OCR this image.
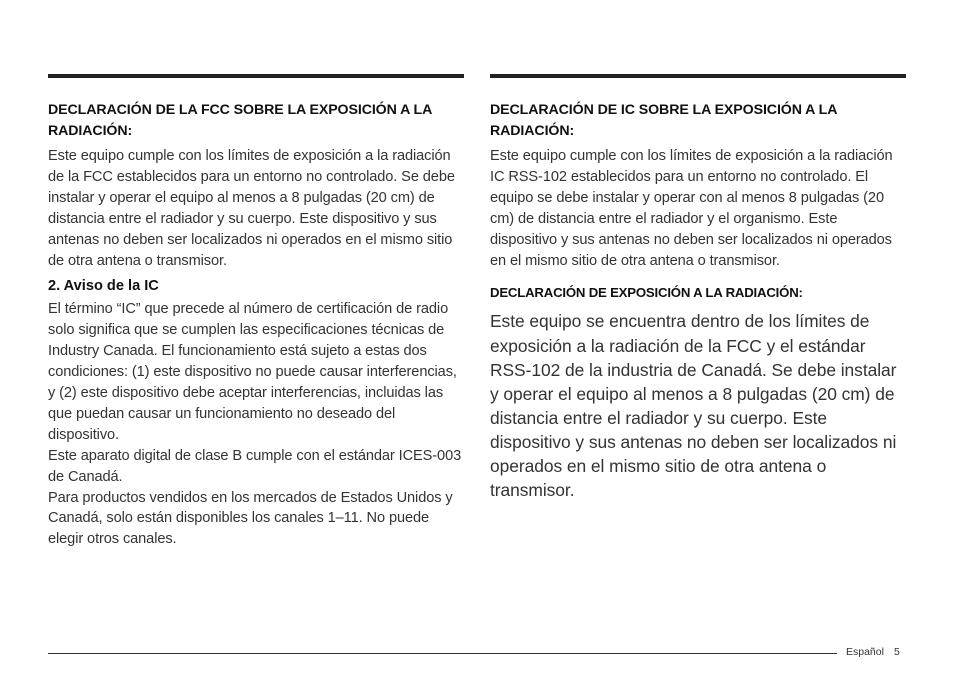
DECLARACIÓN DE LA FCC SOBRE LA EXPOSICIÓN A LA RADIACIÓN:
Este equipo cumple con los límites de exposición a la radiación de la FCC establecidos para un entorno no controlado. Se debe instalar y operar el equipo al menos a 8 pulgadas (20 cm) de distancia entre el radiador y su cuerpo. Este dispositivo y sus antenas no deben ser localizados ni operados en el mismo sitio de otra antena o transmisor.
2. Aviso de la IC
El término “IC” que precede al número de certificación de radio solo significa que se cumplen las especificaciones técnicas de Industry Canada. El funcionamiento está sujeto a estas dos condiciones: (1) este dispositivo no puede causar interferencias, y (2) este dispositivo debe aceptar interferencias, incluidas las que puedan causar un funcionamiento no deseado del dispositivo.
Este aparato digital de clase B cumple con el estándar ICES-003 de Canadá.
Para productos vendidos en los mercados de Estados Unidos y Canadá, solo están disponibles los canales 1–11. No puede elegir otros canales.
DECLARACIÓN DE IC SOBRE LA EXPOSICIÓN A LA RADIACIÓN:
Este equipo cumple con los límites de exposición a la radiación IC RSS-102 establecidos para un entorno no controlado. El equipo se debe instalar y operar con al menos 8 pulgadas (20 cm) de distancia entre el radiador y el organismo. Este dispositivo y sus antenas no deben ser localizados ni operados en el mismo sitio de otra antena o transmisor.
DECLARACIÓN DE EXPOSICIÓN A LA RADIACIÓN:
Este equipo se encuentra dentro de los límites de exposición a la radiación de la FCC y el estándar RSS-102 de la industria de Canadá. Se debe instalar y operar el equipo al menos a 8 pulgadas (20 cm) de distancia entre el radiador y su cuerpo. Este dispositivo y sus antenas no deben ser localizados ni operados en el mismo sitio de otra antena o transmisor.
Español 5
